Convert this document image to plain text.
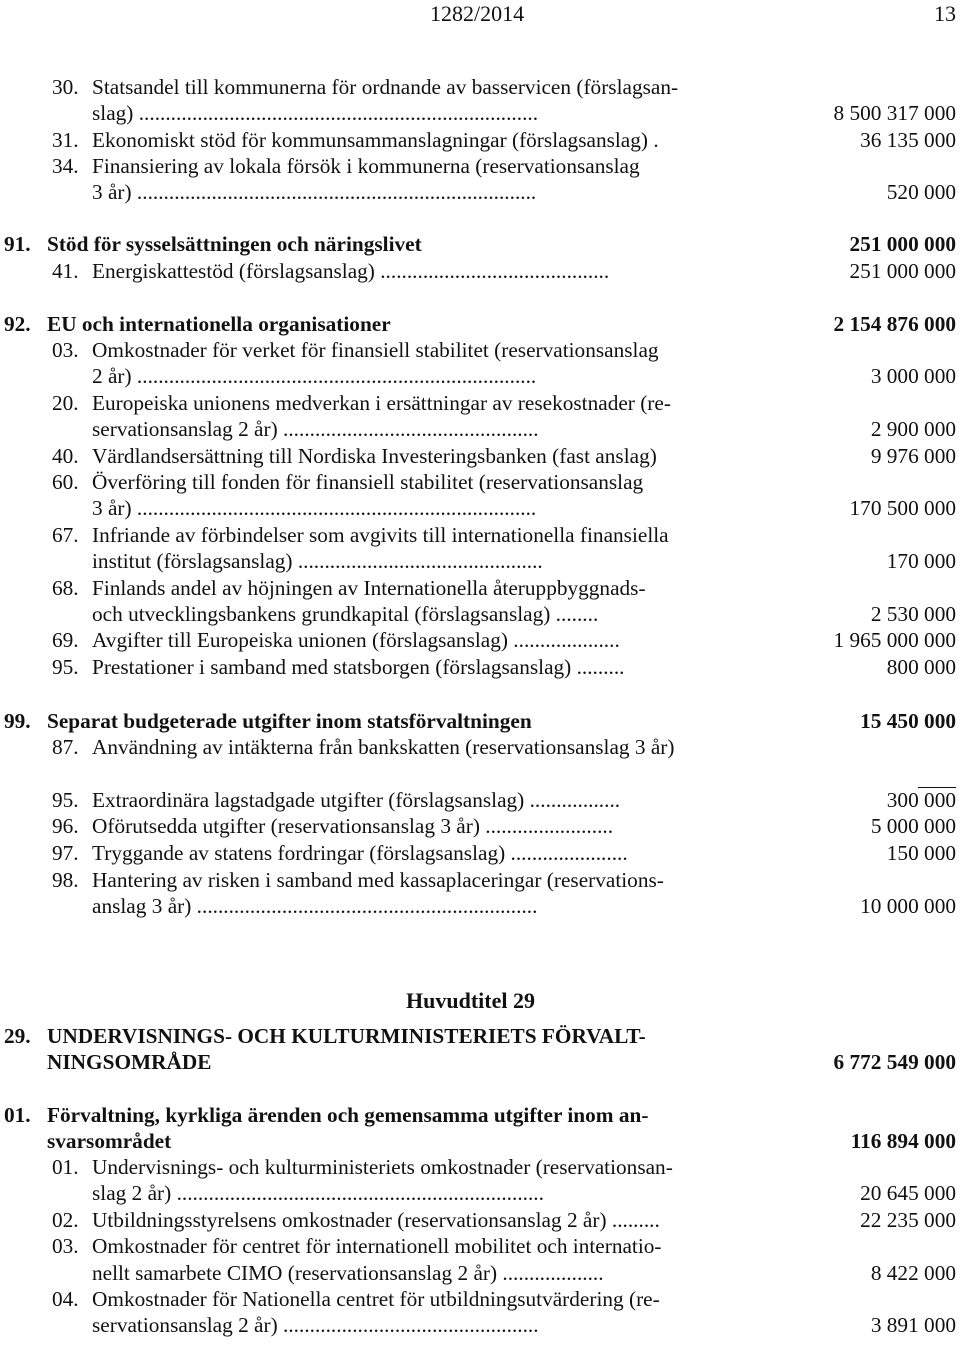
1282/2014	13
30. Statsandel till kommunerna för ordnande av basservicen (förslagsan-
slag) ...........................................................................	8 500 317 000
31. Ekonomiskt stöd för kommunsammanslagningar (förslagsanslag) .	36 135 000
34. Finansiering av lokala försök i kommunerna (reservationsanslag
3 år) ...........................................................................	520 000
91. Stöd för sysselsättningen och näringslivet	251 000 000
41. Energiskattestöd (förslagsanslag) ...........................................	251 000 000
92. EU och internationella organisationer	2 154 876 000
03. Omkostnader för verket för finansiell stabilitet (reservationsanslag
2 år) ...........................................................................	3 000 000
20. Europeiska unionens medverkan i ersättningar av resekostnader (re-
servationsanslag 2 år) ................................................	2 900 000
40. Värdlandsersättning till Nordiska Investeringsbanken (fast anslag)	9 976 000
60. Överföring till fonden för finansiell stabilitet (reservationsanslag
3 år) ...........................................................................	170 500 000
67. Infriande av förbindelser som avgivits till internationella finansiella
institut (förslagsanslag) ..............................................	170 000
68. Finlands andel av höjningen av Internationella återuppbyggnads-
och utvecklingsbankens grundkapital (förslagsanslag) ........	2 530 000
69. Avgifter till Europeiska unionen (förslagsanslag) ....................	1 965 000 000
95. Prestationer i samband med statsborgen (förslagsanslag) .........	800 000
99. Separat budgeterade utgifter inom statsförvaltningen	15 450 000
87. Användning av intäkterna från bankskatten (reservationsanslag 3 år)
95. Extraordinära lagstadgade utgifter (förslagsanslag) .................	300 000
96. Oförutsedda utgifter (reservationsanslag 3 år) ........................	5 000 000
97. Tryggande av statens fordringar (förslagsanslag) ......................	150 000
98. Hantering av risken i samband med kassaplaceringar (reservations-
anslag 3 år) ................................................................	10 000 000
29. UNDERVISNINGS- OCH KULTURMINISTERIETS FÖRVALT-
NINGSOMRÅDE	6 772 549 000
01. Förvaltning, kyrkliga ärenden och gemensamma utgifter inom an-
svarsområdet	116 894 000
01. Undervisnings- och kulturministeriets omkostnader (reservationsan-
slag 2 år) .....................................................................	20 645 000
02. Utbildningsstyrelsens omkostnader (reservationsanslag 2 år) .........	22 235 000
03. Omkostnader för centret för internationell mobilitet och internatio-
nellt samarbete CIMO (reservationsanslag 2 år) ...................	8 422 000
04. Omkostnader för Nationella centret för utbildningsutvärdering (re-
servationsanslag 2 år) ................................................	3 891 000
Huvudtitel 29
